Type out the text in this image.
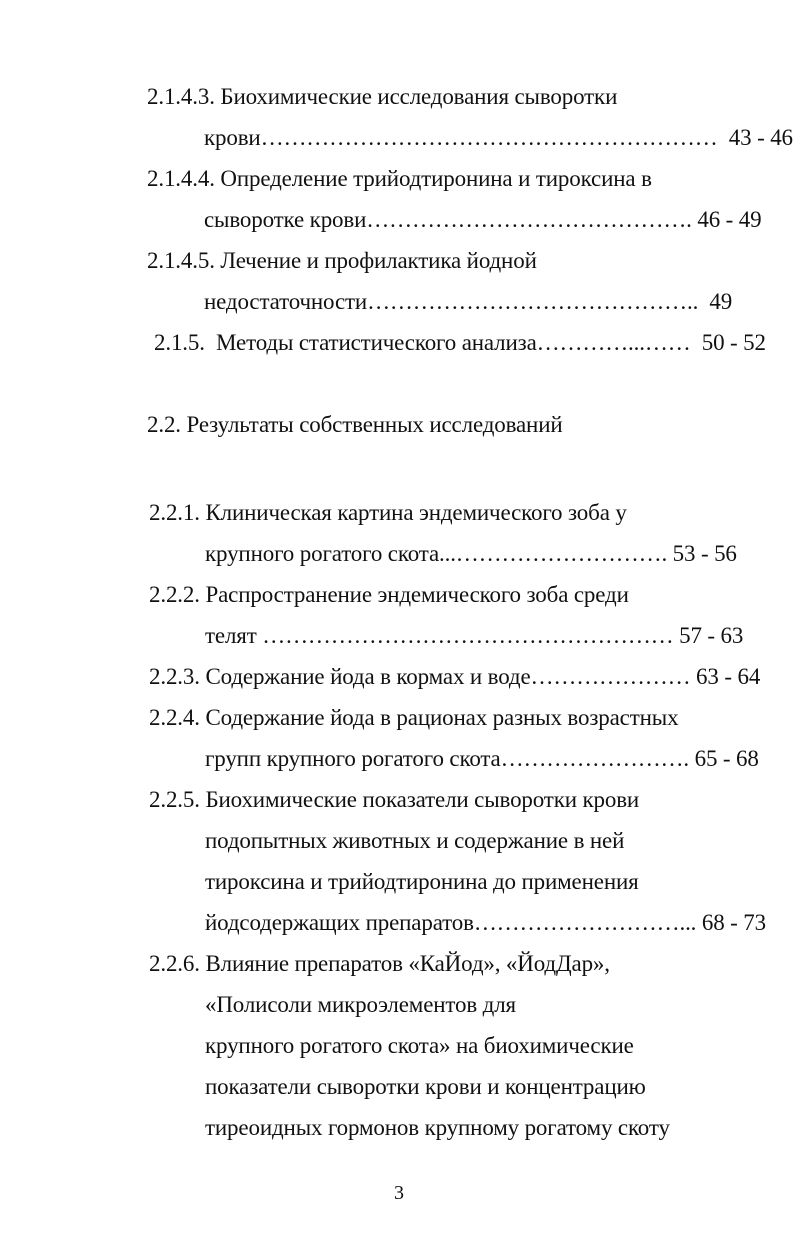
2.1.4.3. Биохимические исследования сыворотки
крови……………………………………………………  43 - 46
2.1.4.4. Определение трийодтиронина и тироксина в
сыворотке крови……………………………………. 46 - 49
2.1.4.5. Лечение и профилактика йодной
недостаточности……………………………………..  49
2.1.5.  Методы статистического анализа…………...……  50 - 52
2.2. Результаты собственных исследований
2.2.1. Клиническая картина эндемического зоба у
крупного рогатого скота...………………………. 53 - 56
2.2.2. Распространение эндемического зоба среди
телят ……………………………………………… 57 - 63
2.2.3. Содержание йода в кормах и воде………………… 63 - 64
2.2.4. Содержание йода в рационах разных возрастных
групп крупного рогатого скота……………………. 65 - 68
2.2.5. Биохимические показатели сыворотки крови
подопытных животных и содержание в ней
тироксина и трийодтиронина до применения
йодсодержащих препаратов………………………... 68 - 73
2.2.6. Влияние препаратов «КаЙод», «ЙодДар»,
«Полисоли микроэлементов для
крупного рогатого скота» на биохимические
показатели сыворотки крови и концентрацию
тиреоидных гормонов крупному рогатому скоту
3
